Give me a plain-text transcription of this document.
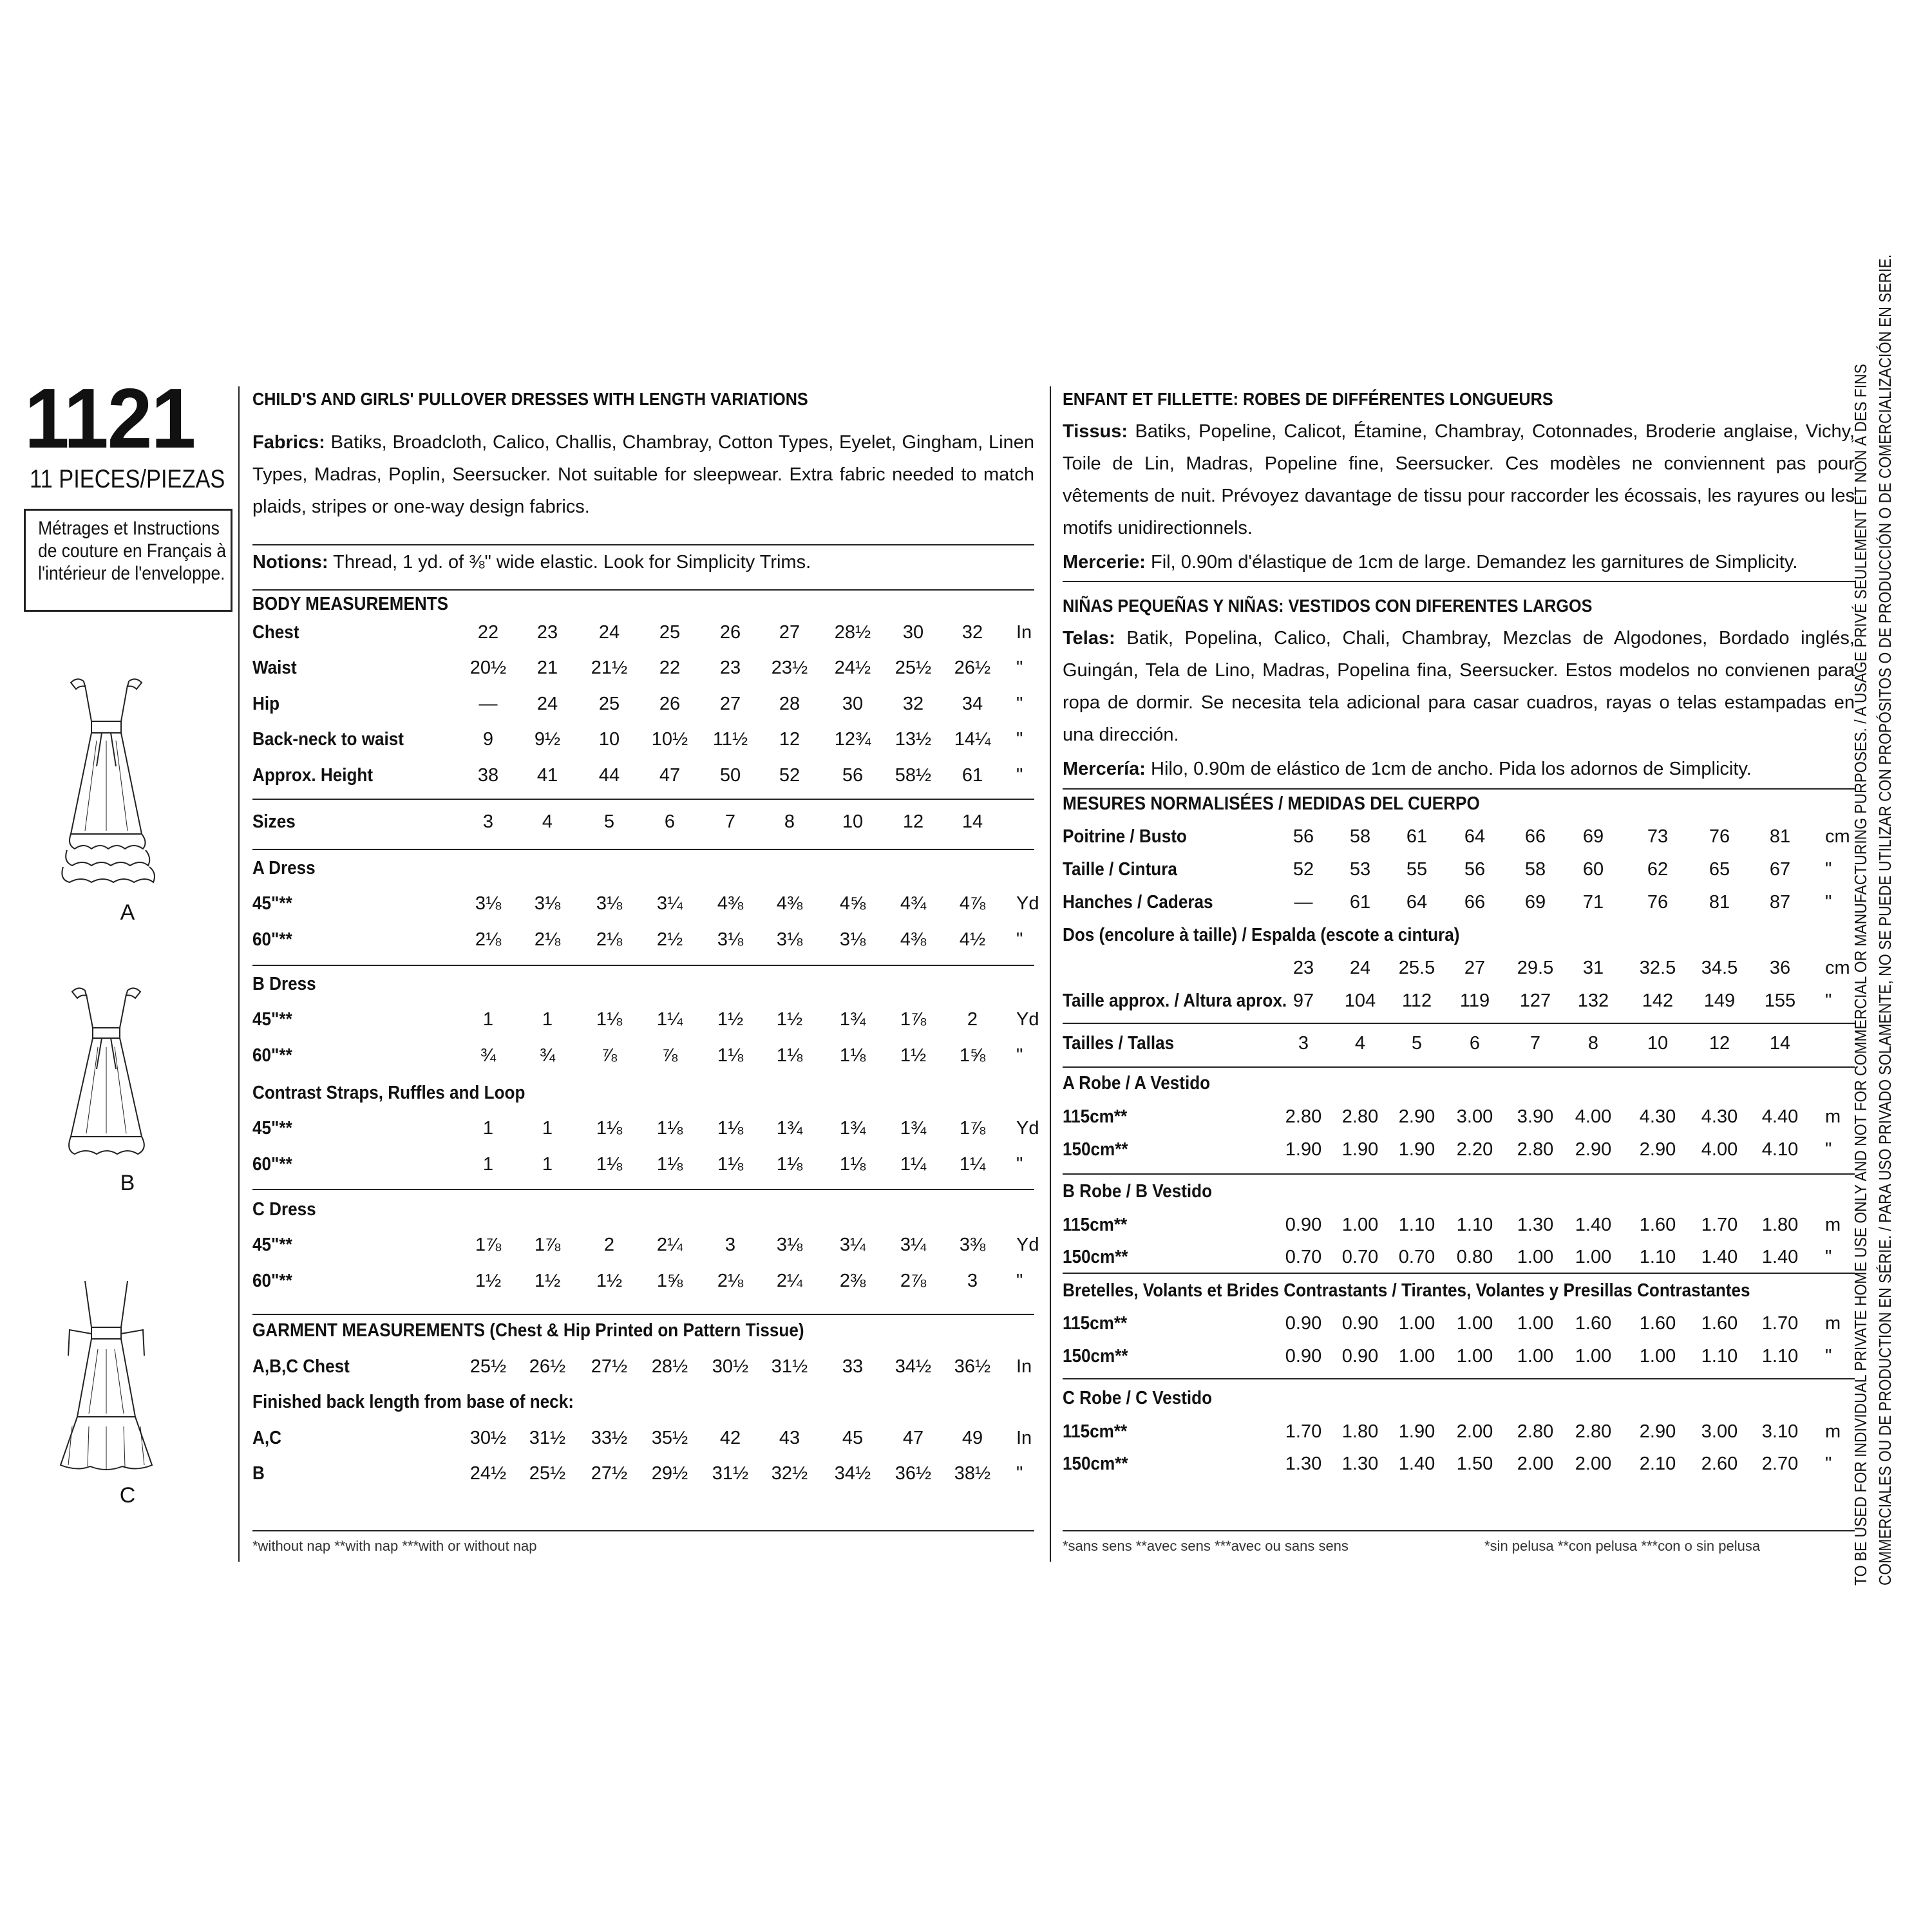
1121
11 PIECES/PIEZAS
Métrages et Instructions
de couture en Français à
l'intérieur de l'enveloppe.
A
B
C
CHILD'S AND GIRLS' PULLOVER DRESSES WITH LENGTH VARIATIONS
Fabrics: Batiks, Broadcloth, Calico, Challis, Chambray, Cotton Types, Eyelet, Gingham, Linen Types, Madras, Poplin, Seersucker. Not suitable for sleepwear. Extra fabric needed to match plaids, stripes or one-way design fabrics.
Notions: Thread, 1 yd. of ⅜" wide elastic. Look for Simplicity Trims.
BODY MEASUREMENTS
Chest	22	23	24	25	26	27	28½	30	32	In
Waist	20½	21	21½	22	23	23½	24½	25½	26½	"
Hip	—	24	25	26	27	28	30	32	34	"
Back-neck to waist	9	9½	10	10½	11½	12	12¾	13½	14¼	"
Approx. Height	38	41	44	47	50	52	56	58½	61	"
Sizes	3	4	5	6	7	8	10	12	14
A Dress
45"**	3⅛	3⅛	3⅛	3¼	4⅜	4⅜	4⅝	4¾	4⅞	Yd
60"**	2⅛	2⅛	2⅛	2½	3⅛	3⅛	3⅛	4⅜	4½	"
B Dress
45"**	1	1	1⅛	1¼	1½	1½	1¾	1⅞	2	Yd
60"**	¾	¾	⅞	⅞	1⅛	1⅛	1⅛	1½	1⅝	"
Contrast Straps, Ruffles and Loop
45"**	1	1	1⅛	1⅛	1⅛	1¾	1¾	1¾	1⅞	Yd
60"**	1	1	1⅛	1⅛	1⅛	1⅛	1⅛	1¼	1¼	"
C Dress
45"**	1⅞	1⅞	2	2¼	3	3⅛	3¼	3¼	3⅜	Yd
60"**	1½	1½	1½	1⅝	2⅛	2¼	2⅜	2⅞	3	"
GARMENT MEASUREMENTS (Chest & Hip Printed on Pattern Tissue)
A,B,C Chest	25½	26½	27½	28½	30½	31½	33	34½	36½	In
Finished back length from base of neck:
A,C	30½	31½	33½	35½	42	43	45	47	49	In
B	24½	25½	27½	29½	31½	32½	34½	36½	38½	"
*without nap **with nap ***with or without nap
ENFANT ET FILLETTE: ROBES DE DIFFÉRENTES LONGUEURS
Tissus: Batiks, Popeline, Calicot, Étamine, Chambray, Cotonnades, Broderie anglaise, Vichy, Toile de Lin, Madras, Popeline fine, Seersucker. Ces modèles ne conviennent pas pour vêtements de nuit. Prévoyez davantage de tissu pour raccorder les écossais, les rayures ou les motifs unidirectionnels.
Mercerie: Fil, 0.90m d'élastique de 1cm de large. Demandez les garnitures de Simplicity.
NIÑAS PEQUEÑAS Y NIÑAS: VESTIDOS CON DIFERENTES LARGOS
Telas: Batik, Popelina, Calico, Chali, Chambray, Mezclas de Algodones, Bordado inglés, Guingán, Tela de Lino, Madras, Popelina fina, Seersucker. Estos modelos no convienen para ropa de dormir. Se necesita tela adicional para casar cuadros, rayas o telas estampadas en una dirección.
Mercería: Hilo, 0.90m de elástico de 1cm de ancho. Pida los adornos de Simplicity.
MESURES NORMALISÉES / MEDIDAS DEL CUERPO
Poitrine / Busto	56	58	61	64	66	69	73	76	81	cm
Taille / Cintura	52	53	55	56	58	60	62	65	67	"
Hanches / Caderas	—	61	64	66	69	71	76	81	87	"
Dos (encolure à taille) / Espalda (escote a cintura)
23	24	25.5	27	29.5	31	32.5	34.5	36	cm
Taille approx. / Altura aprox. 97	104	112	119	127	132	142	149	155	"
Tailles / Tallas	3	4	5	6	7	8	10	12	14
A Robe / A Vestido
115cm**	2.80	2.80	2.90	3.00	3.90	4.00	4.30	4.30	4.40	m
150cm**	1.90	1.90	1.90	2.20	2.80	2.90	2.90	4.00	4.10	"
B Robe / B Vestido
115cm**	0.90	1.00	1.10	1.10	1.30	1.40	1.60	1.70	1.80	m
150cm**	0.70	0.70	0.70	0.80	1.00	1.00	1.10	1.40	1.40	"
Bretelles, Volants et Brides Contrastants / Tirantes, Volantes y Presillas Contrastantes
115cm**	0.90	0.90	1.00	1.00	1.00	1.60	1.60	1.60	1.70	m
150cm**	0.90	0.90	1.00	1.00	1.00	1.00	1.00	1.10	1.10	"
C Robe / C Vestido
115cm**	1.70	1.80	1.90	2.00	2.80	2.80	2.90	3.00	3.10	m
150cm**	1.30	1.30	1.40	1.50	2.00	2.00	2.10	2.60	2.70	"
*sans sens **avec sens ***avec ou sans sens	*sin pelusa **con pelusa ***con o sin pelusa	TO BE USED FOR INDIVIDUAL PRIVATE HOME USE ONLY AND NOT FOR COMMERCIAL OR MANUFACTURING PURPOSES. / A USAGE PRIVÉ SEULEMENT ET NON À DES FINS COMMERCIALES OU DE PRODUCTION EN SÉRIE. / PARA USO PRIVADO SOLAMENTE, NO SE PUEDE UTILIZAR CON PROPÓSITOS O DE PRODUCCIÓN O DE COMERCIALIZACIÓN EN SERIE.
